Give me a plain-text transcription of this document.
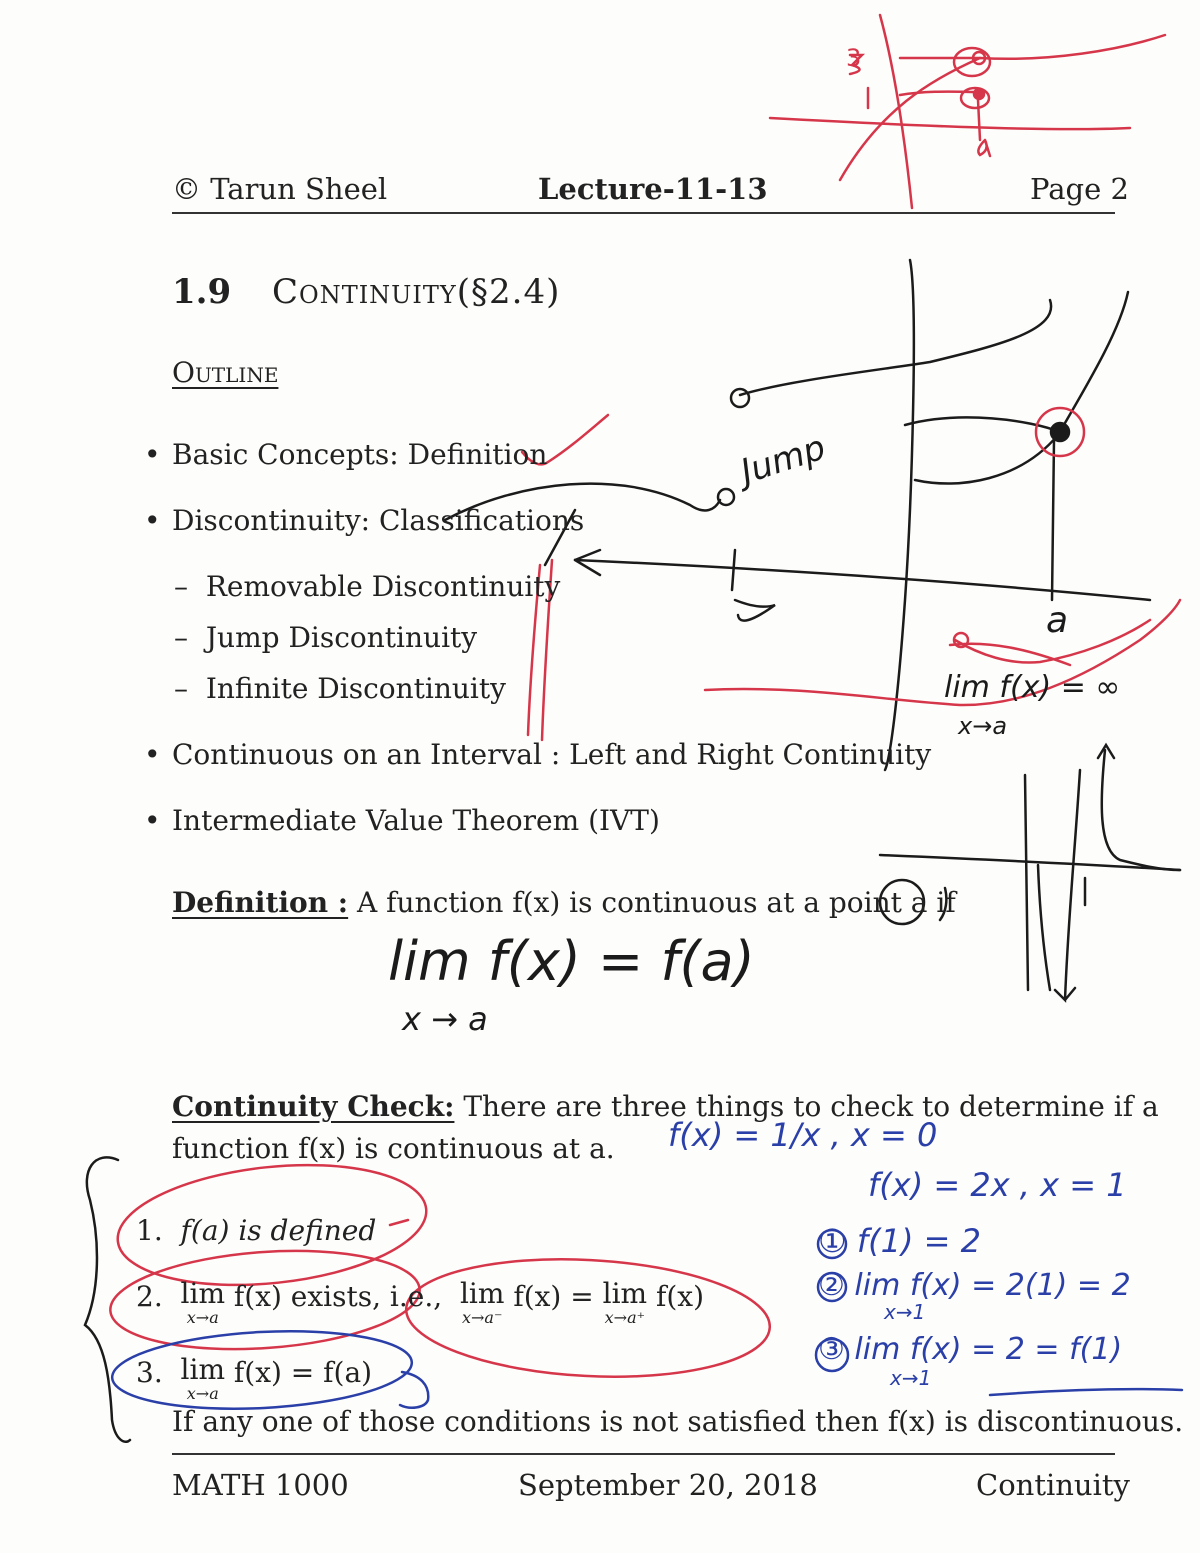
© Tarun Sheel	Lecture-11-13	Page 2
1.9 Continuity(§2.4)
Outline
• Basic Concepts: Definition
• Discontinuity: Classifications
–  Removable Discontinuity
–  Jump Discontinuity
–  Infinite Discontinuity
• Continuous on an Interval : Left and Right Continuity
• Intermediate Value Theorem (IVT)
Definition : A function f(x) is continuous at a point a if
lim f(x) = f(a)
x → a
Jump
a
lim f(x) = ∞
x→a
3
Continuity Check: There are three things to check to determine if a
function f(x) is continuous at a.
1. f(a) is defined
2. lim
x→a
f(x) exists, i.e., lim
x→a⁻
f(x) = lim
x→a⁺
f(x)
3. lim
x→a
f(x) = f(a)
If any one of those conditions is not satisfied then f(x) is discontinuous.
f(x) = 1/x , x = 0
f(x) = 2x , x = 1
① f(1) = 2
② lim f(x) = 2(1) = 2
x→1
③ lim f(x) = 2 = f(1)
x→1
MATH 1000	September 20, 2018	Continuity
